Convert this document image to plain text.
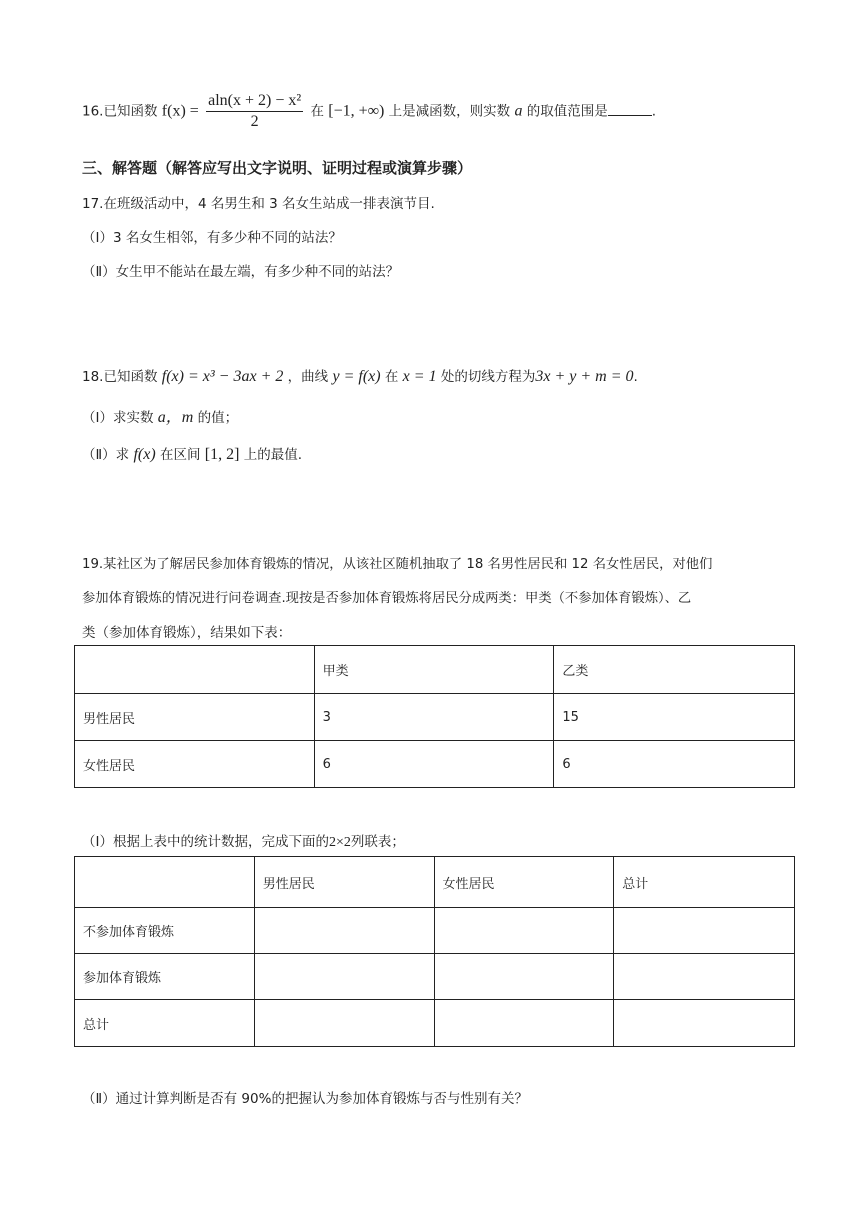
16.已知函数 $f(x) = \frac{\text{aln(x + 2) − x²}}{2}$ 在 [−1, +∞) 上是减函数，则实数 a 的取值范围是	.
三、解答题（解答应写出文字说明、证明过程或演算步骤）
17.在班级活动中，4 名男生和 3 名女生站成一排表演节目.
（Ⅰ）3 名女生相邻，有多少种不同的站法？
（Ⅱ）女生甲不能站在最左端，有多少种不同的站法？
18.已知函数 f(x) = x³ − 3ax + 2 ，曲线 y = f(x) 在 x = 1 处的切线方程为3x + y + m = 0.
（Ⅰ）求实数 a，m 的值；
（Ⅱ）求 f(x) 在区间 [1, 2] 上的最值.
19.某社区为了解居民参加体育锻炼的情况，从该社区随机抽取了 18 名男性居民和 12 名女性居民，对他们
参加体育锻炼的情况进行问卷调查.现按是否参加体育锻炼将居民分成两类：甲类（不参加体育锻炼）、乙
类（参加体育锻炼），结果如下表：
	甲类	乙类
男性居民	3	15
女性居民	6	6
（Ⅰ）根据上表中的统计数据，完成下面的2×2列联表；
	男性居民	女性居民	总计
不参加体育锻炼			
参加体育锻炼			
总计			
（Ⅱ）通过计算判断是否有 90%的把握认为参加体育锻炼与否与性别有关？
